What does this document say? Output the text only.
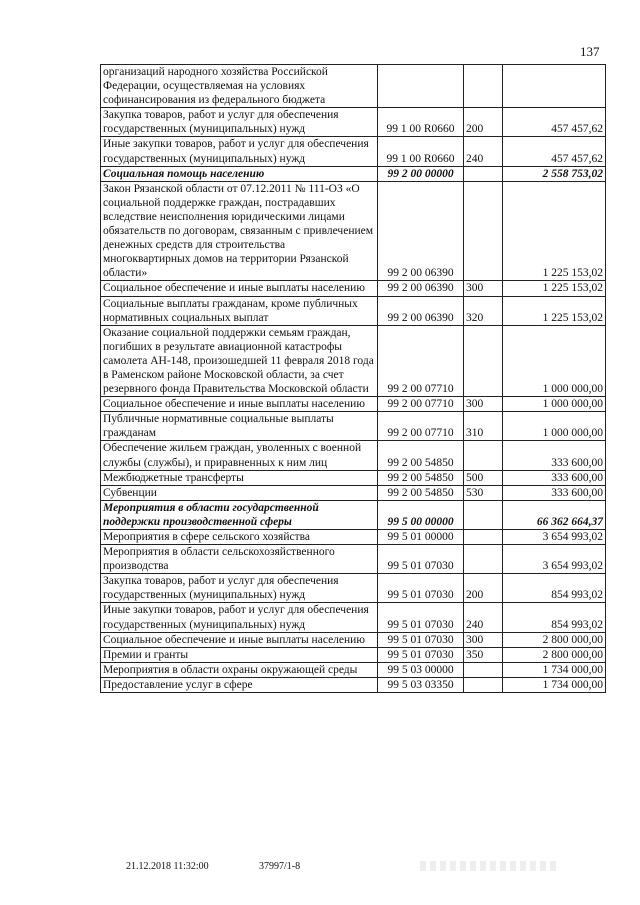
137
организаций народного хозяйства Российской Федерации, осуществляемая на условиях софинансирования из федерального бюджета			
Закупка товаров, работ и услуг для обеспечения государственных (муниципальных) нужд	99 1 00 R0660	200	457 457,62
Иные закупки товаров, работ и услуг для обеспечения государственных (муниципальных) нужд	99 1 00 R0660	240	457 457,62
Социальная помощь населению	99 2 00 00000		2 558 753,02
Закон Рязанской области от 07.12.2011 № 111-ОЗ «О социальной поддержке граждан, пострадавших вследствие неисполнения юридическими лицами обязательств по договорам, связанным с привлечением денежных средств для строительства многоквартирных домов на территории Рязанской области»	99 2 00 06390		1 225 153,02
Социальное обеспечение и иные выплаты населению	99 2 00 06390	300	1 225 153,02
Социальные выплаты гражданам, кроме публичных нормативных социальных выплат	99 2 00 06390	320	1 225 153,02
Оказание социальной поддержки семьям граждан, погибших в результате авиационной катастрофы самолета АН-148, произошедшей 11 февраля 2018 года в Раменском районе Московской области, за счет резервного фонда Правительства Московской области	99 2 00 07710		1 000 000,00
Социальное обеспечение и иные выплаты населению	99 2 00 07710	300	1 000 000,00
Публичные нормативные социальные выплаты гражданам	99 2 00 07710	310	1 000 000,00
Обеспечение жильем граждан, уволенных с военной службы (службы), и приравненных к ним лиц	99 2 00 54850		333 600,00
Межбюджетные трансферты	99 2 00 54850	500	333 600,00
Субвенции	99 2 00 54850	530	333 600,00
Мероприятия в области государственной поддержки производственной сферы	99 5 00 00000		66 362 664,37
Мероприятия в сфере сельского хозяйства	99 5 01 00000		3 654 993,02
Мероприятия в области сельскохозяйственного производства	99 5 01 07030		3 654 993,02
Закупка товаров, работ и услуг для обеспечения государственных (муниципальных) нужд	99 5 01 07030	200	854 993,02
Иные закупки товаров, работ и услуг для обеспечения государственных (муниципальных) нужд	99 5 01 07030	240	854 993,02
Социальное обеспечение и иные выплаты населению	99 5 01 07030	300	2 800 000,00
Премии и гранты	99 5 01 07030	350	2 800 000,00
Мероприятия в области охраны окружающей среды	99 5 03 00000		1 734 000,00
Предоставление услуг в сфере	99 5 03 03350		1 734 000,00
21.12.2018 11:32:00	37997/1-8
